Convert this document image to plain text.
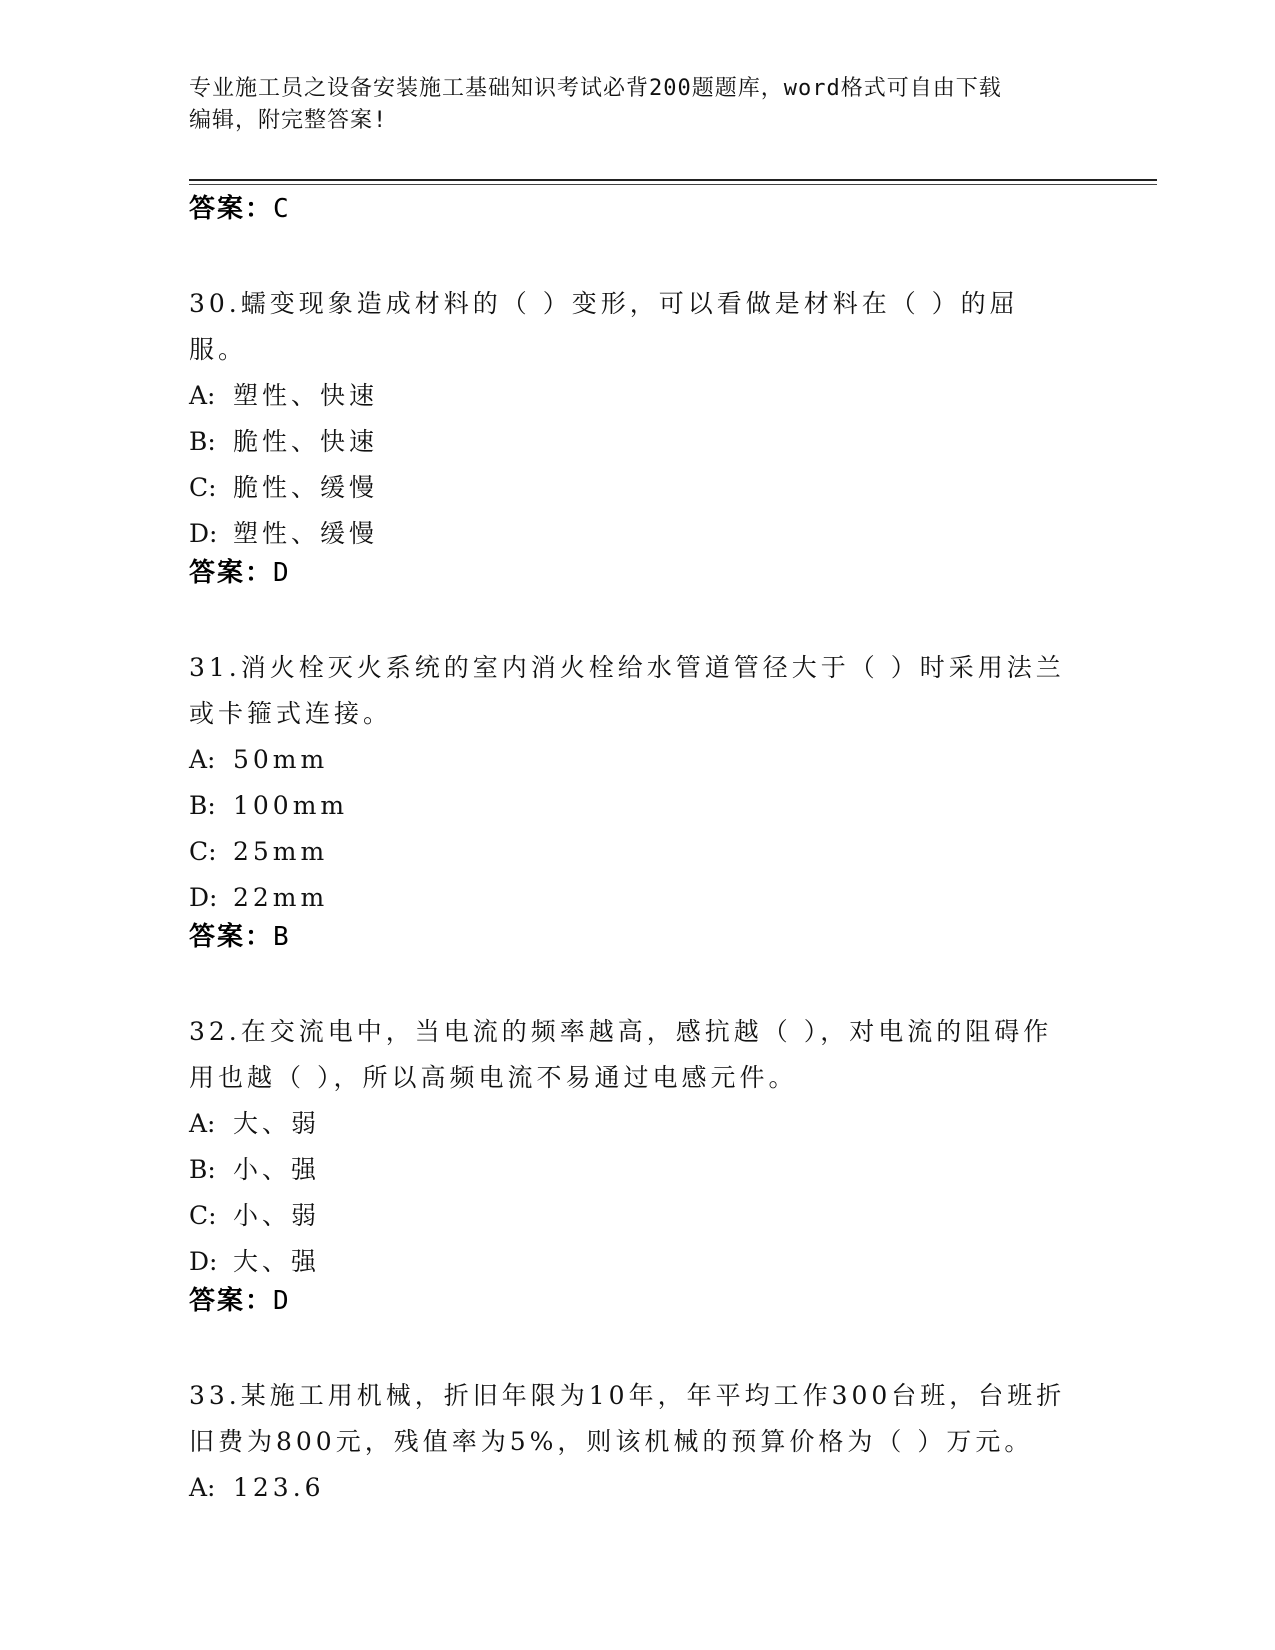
专业施工员之设备安装施工基础知识考试必背200题题库，word格式可自由下载
编辑，附完整答案!
答案：C

30.蠕变现象造成材料的（ ）变形，可以看做是材料在（ ）的屈服。

A: 塑性、快速

B: 脆性、快速

C: 脆性、缓慢

D: 塑性、缓慢

答案：D

31.消火栓灭火系统的室内消火栓给水管道管径大于（ ）时采用法兰或卡箍式连接。

A: 50mm

B: 100mm

C: 25mm

D: 22mm

答案：B

32.在交流电中，当电流的频率越高，感抗越（ ），对电流的阻碍作用也越（ ），所以高频电流不易通过电感元件。

A: 大、弱

B: 小、强

C: 小、弱

D: 大、强

答案：D

33.某施工用机械，折旧年限为10年，年平均工作300台班，台班折旧费为800元，残值率为5%，则该机械的预算价格为（ ）万元。

A: 123.6
